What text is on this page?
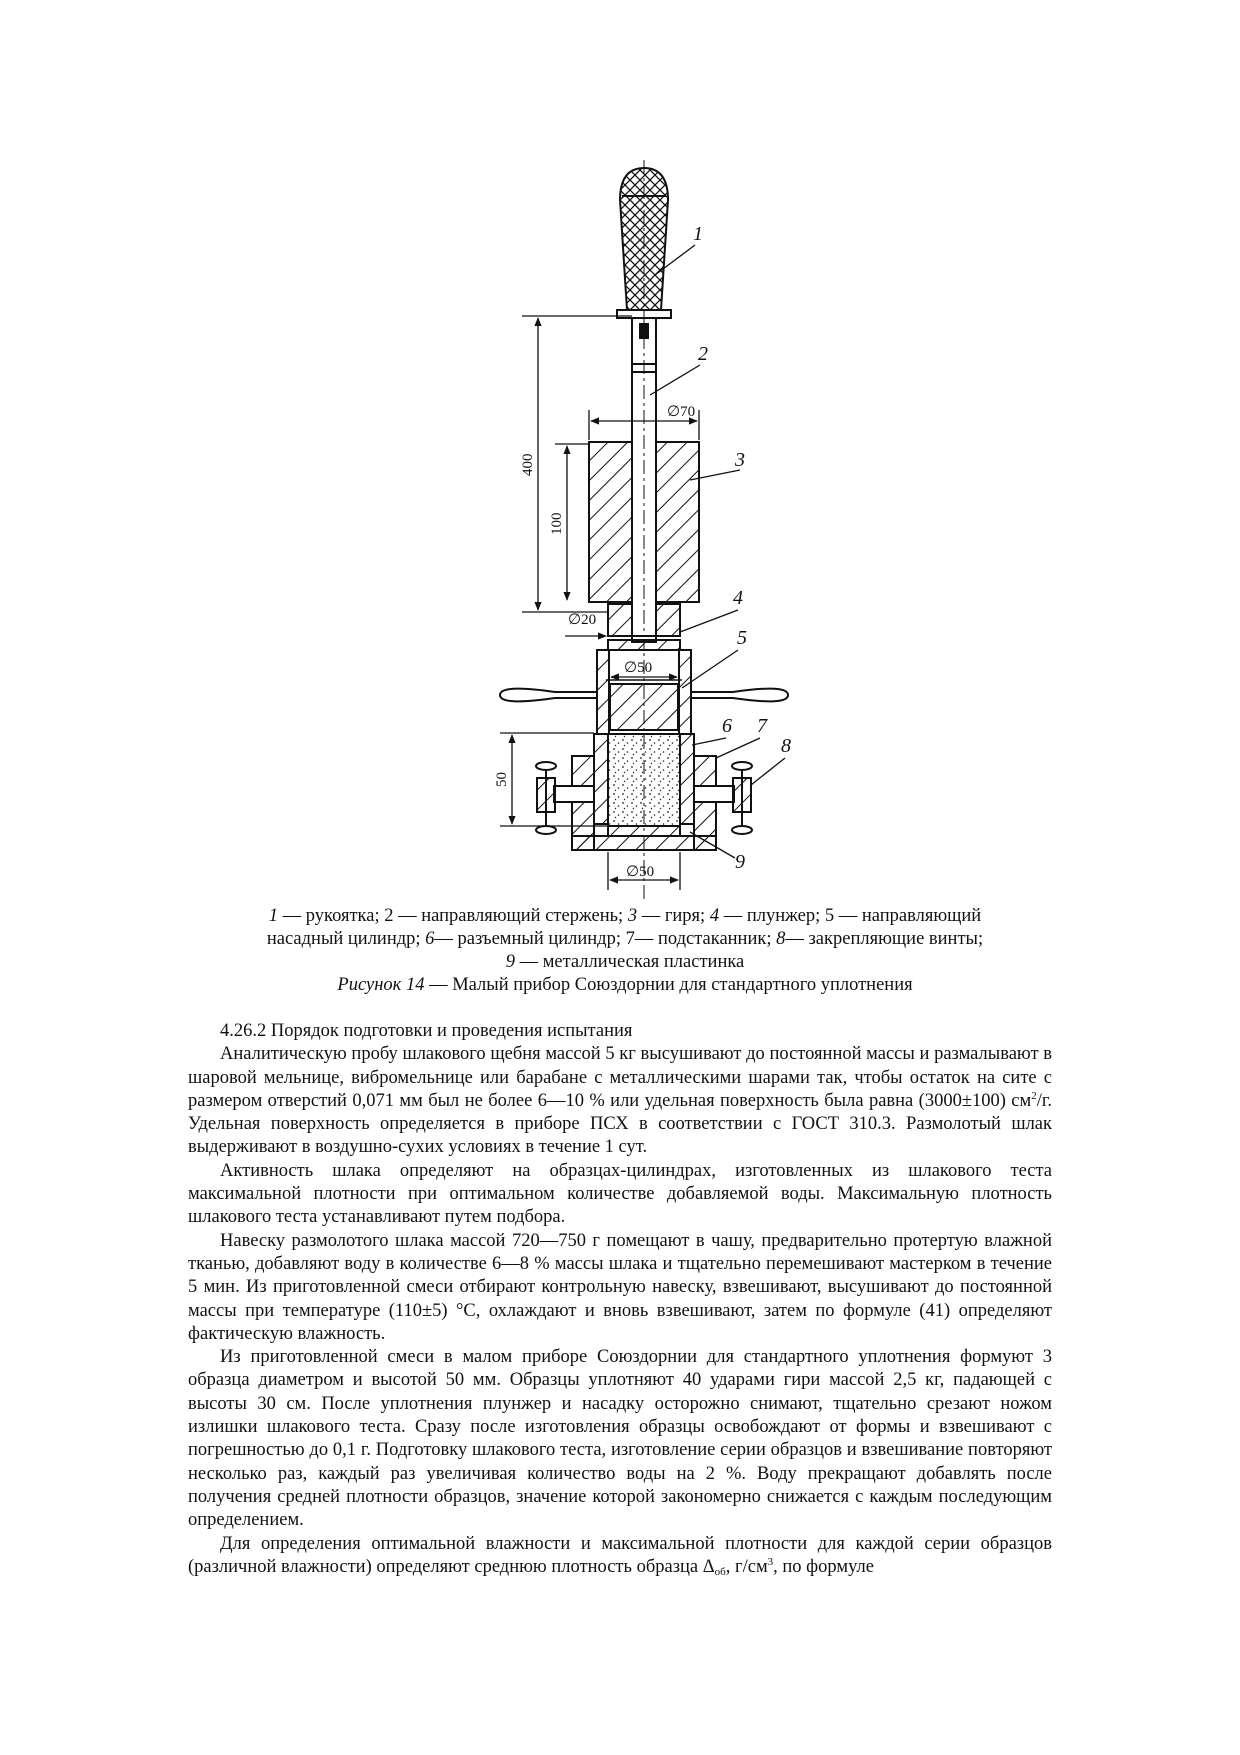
1
2
3
4
5
6 7
8
9
∅70
∅20
∅50
∅50
400
100
50
1 — рукоятка; 2 — направляющий стержень; 3 — гиря; 4 — плунжер; 5 — направляющий
насадный цилиндр; 6— разъемный цилиндр; 7— подстаканник; 8— закрепляющие винты;
9 — металлическая пластинка
Рисунок 14 — Малый прибор Союздорнии для стандартного уплотнения

4.26.2 Порядок подготовки и проведения испытания

Аналитическую пробу шлакового щебня массой 5 кг высушивают до постоянной массы и размалывают в шаровой мельнице, вибромельнице или барабане с металлическими шарами так, чтобы остаток на сите с размером отверстий 0,071 мм был не более 6—10 % или удельная поверхность была равна (3000±100) $см^2/г$. Удельная поверхность определяется в приборе ПСХ в соответствии с ГОСТ 310.3. Размолотый шлак выдерживают в воздушно-сухих условиях в течение 1 сут.

Активность шлака определяют на образцах-цилиндрах, изготовленных из шлакового теста максимальной плотности при оптимальном количестве добавляемой воды. Максимальную плотность шлакового теста устанавливают путем подбора.

Навеску размолотого шлака массой 720—750 г помещают в чашу, предварительно протертую влажной тканью, добавляют воду в количестве 6—8 % массы шлака и тщательно перемешивают мастерком в течение 5 мин. Из приготовленной смеси отбирают контрольную навеску, взвешивают, высушивают до постоянной массы при температуре (110±5) °С, охлаждают и вновь взвешивают, затем по формуле (41) определяют фактическую влажность.

Из приготовленной смеси в малом приборе Союздорнии для стандартного уплотнения формуют 3 образца диаметром и высотой 50 мм. Образцы уплотняют 40 ударами гири массой 2,5 кг, падающей с высоты 30 см. После уплотнения плунжер и насадку осторожно снимают, тщательно срезают ножом излишки шлакового теста. Сразу после изготовления образцы освобождают от формы и взвешивают с погрешностью до 0,1 г. Подготовку шлакового теста, изготовление серии образцов и взвешивание повторяют несколько раз, каждый раз увеличивая количество воды на 2 %. Воду прекращают добавлять после получения средней плотности образцов, значение которой закономерно снижается с каждым последующим определением.

Для определения оптимальной влажности и максимальной плотности для каждой серии образцов (различной влажности) определяют среднюю плотность образца $\Delta_{об}$, $г/см^3$, по формуле
